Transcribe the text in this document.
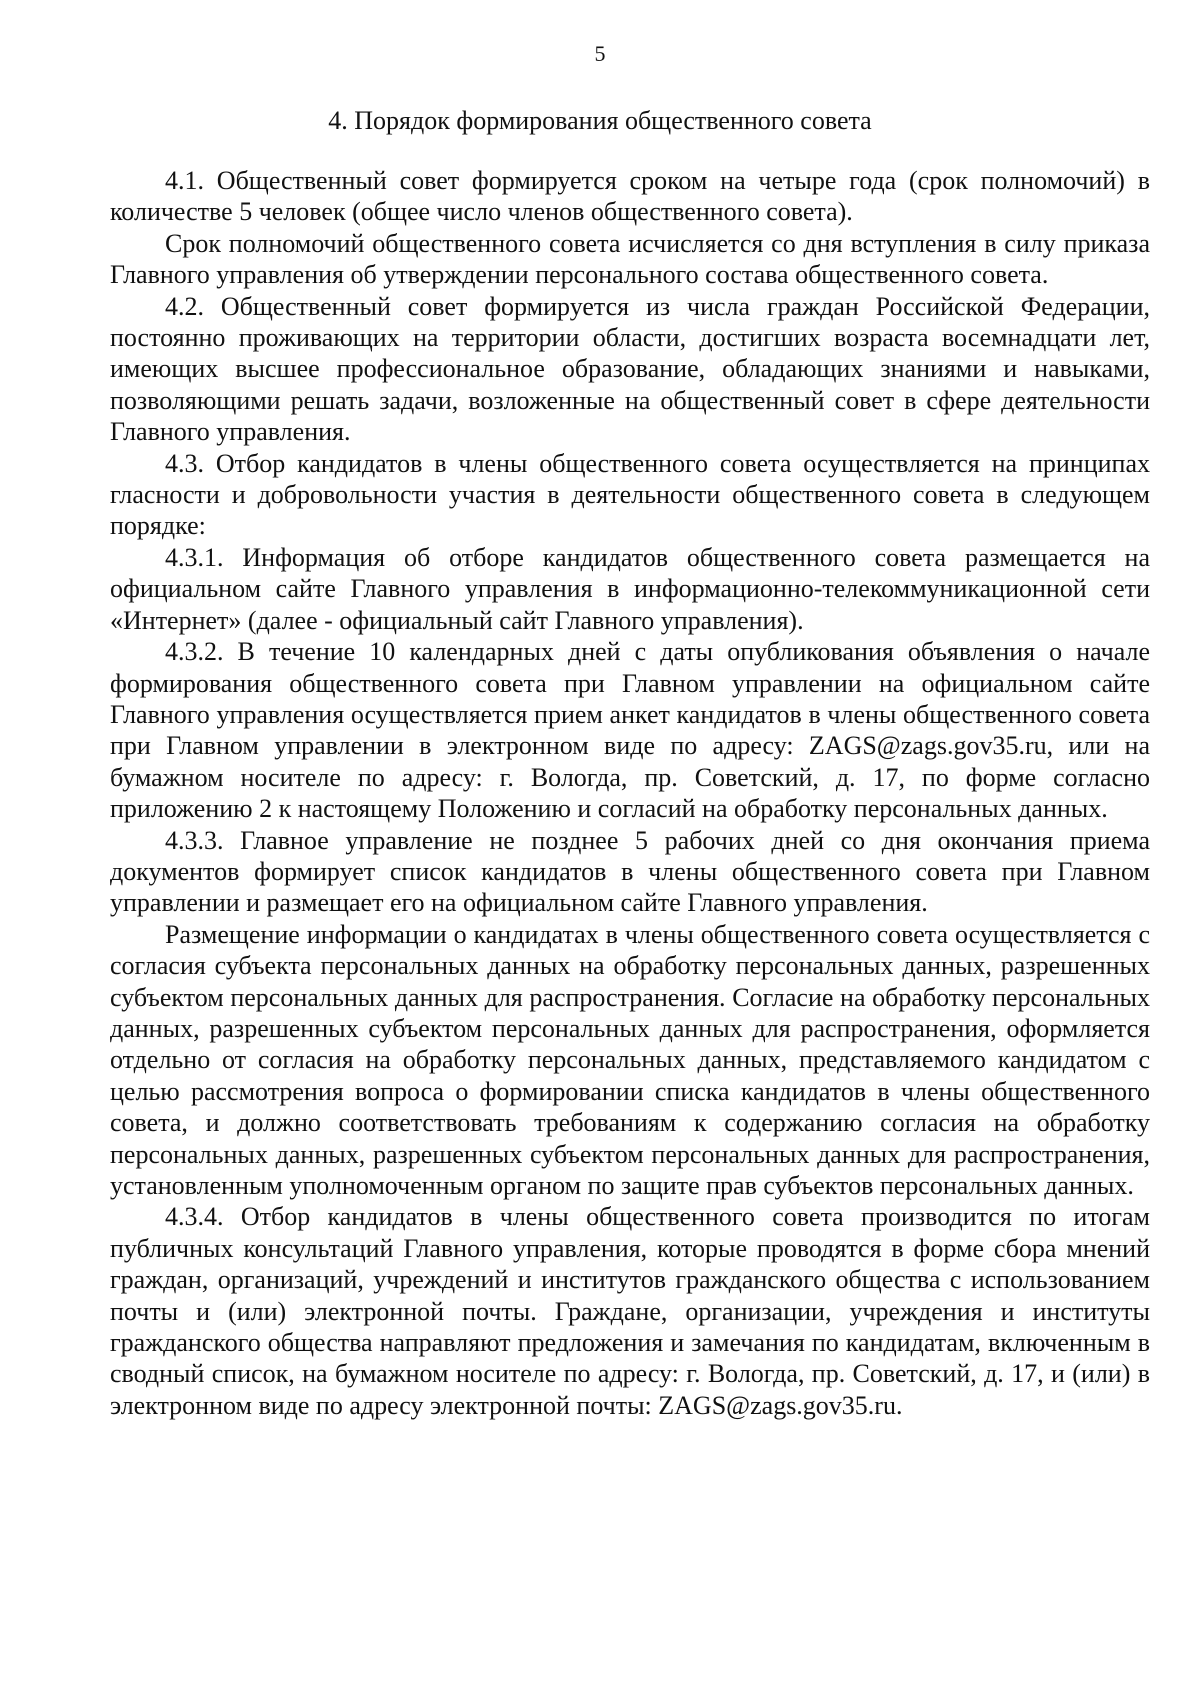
5
4. Порядок формирования общественного совета

4.1. Общественный совет формируется сроком на четыре года (срок полномочий) в количестве 5 человек (общее число членов общественного совета).

Срок полномочий общественного совета исчисляется со дня вступления в силу приказа Главного управления об утверждении персонального состава общественного совета.

4.2. Общественный совет формируется из числа граждан Российской Федерации, постоянно проживающих на территории области, достигших возраста восемнадцати лет, имеющих высшее профессиональное образование, обладающих знаниями и навыками, позволяющими решать задачи, возложенные на общественный совет в сфере деятельности Главного управления.

4.3. Отбор кандидатов в члены общественного совета осуществляется на принципах гласности и добровольности участия в деятельности общественного совета в следующем порядке:

4.3.1. Информация об отборе кандидатов общественного совета размещается на официальном сайте Главного управления в информационно-телекоммуникационной сети «Интернет» (далее - официальный сайт Главного управления).

4.3.2. В течение 10 календарных дней с даты опубликования объявления о начале формирования общественного совета при Главном управлении на официальном сайте Главного управления осуществляется прием анкет кандидатов в члены общественного совета при Главном управлении в электронном виде по адресу: ZAGS@zags.gov35.ru, или на бумажном носителе по адресу: г. Вологда, пр. Советский, д. 17, по форме согласно приложению 2 к настоящему Положению и согласий на обработку персональных данных.

4.3.3. Главное управление не позднее 5 рабочих дней со дня окончания приема документов формирует список кандидатов в члены общественного совета при Главном управлении и размещает его на официальном сайте Главного управления.

Размещение информации о кандидатах в члены общественного совета осуществляется с согласия субъекта персональных данных на обработку персональных данных, разрешенных субъектом персональных данных для распространения. Согласие на обработку персональных данных, разрешенных субъектом персональных данных для распространения, оформляется отдельно от согласия на обработку персональных данных, представляемого кандидатом с целью рассмотрения вопроса о формировании списка кандидатов в члены общественного совета, и должно соответствовать требованиям к содержанию согласия на обработку персональных данных, разрешенных субъектом персональных данных для распространения, установленным уполномоченным органом по защите прав субъектов персональных данных.

4.3.4. Отбор кандидатов в члены общественного совета производится по итогам публичных консультаций Главного управления, которые проводятся в форме сбора мнений граждан, организаций, учреждений и институтов гражданского общества с использованием почты и (или) электронной почты. Граждане, организации, учреждения и институты гражданского общества направляют предложения и замечания по кандидатам, включенным в сводный список, на бумажном носителе по адресу: г. Вологда, пр. Советский, д. 17, и (или) в электронном виде по адресу электронной почты: ZAGS@zags.gov35.ru.
